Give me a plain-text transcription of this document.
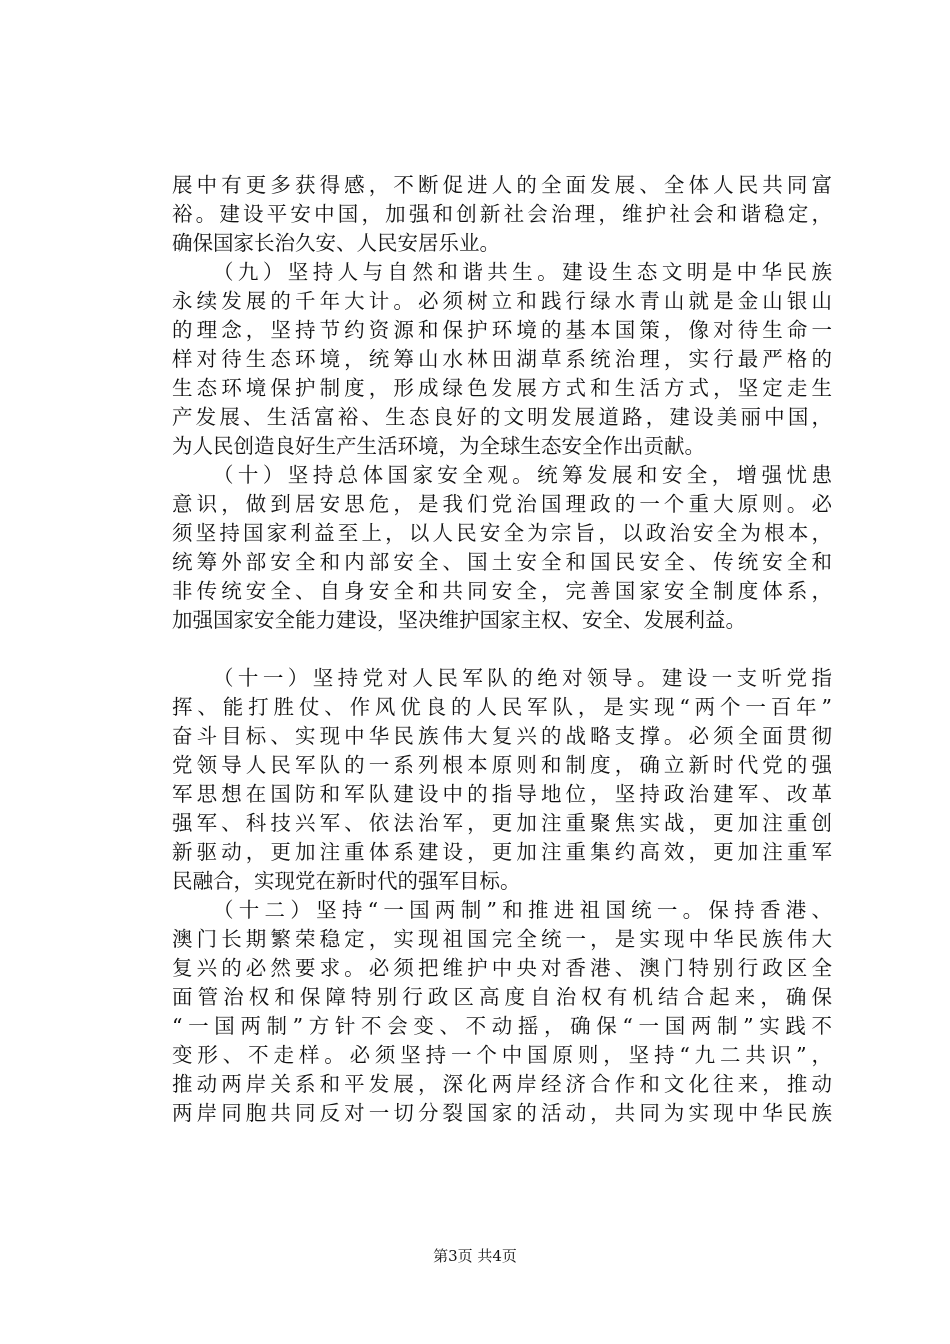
展中有更多获得感，不断促进人的全面发展、全体人民共同富
裕。建设平安中国，加强和创新社会治理，维护社会和谐稳定，
确保国家长治久安、人民安居乐业。
（九）坚持人与自然和谐共生。建设生态文明是中华民族
永续发展的千年大计。必须树立和践行绿水青山就是金山银山
的理念，坚持节约资源和保护环境的基本国策，像对待生命一
样对待生态环境，统筹山水林田湖草系统治理，实行最严格的
生态环境保护制度，形成绿色发展方式和生活方式，坚定走生
产发展、生活富裕、生态良好的文明发展道路，建设美丽中国，
为人民创造良好生产生活环境，为全球生态安全作出贡献。
（十）坚持总体国家安全观。统筹发展和安全，增强忧患
意识，做到居安思危，是我们党治国理政的一个重大原则。必
须坚持国家利益至上，以人民安全为宗旨，以政治安全为根本，
统筹外部安全和内部安全、国土安全和国民安全、传统安全和
非传统安全、自身安全和共同安全，完善国家安全制度体系，
加强国家安全能力建设，坚决维护国家主权、安全、发展利益。
（十一）坚持党对人民军队的绝对领导。建设一支听党指
挥、能打胜仗、作风优良的人民军队，是实现“两个一百年”
奋斗目标、实现中华民族伟大复兴的战略支撑。必须全面贯彻
党领导人民军队的一系列根本原则和制度，确立新时代党的强
军思想在国防和军队建设中的指导地位，坚持政治建军、改革
强军、科技兴军、依法治军，更加注重聚焦实战，更加注重创
新驱动，更加注重体系建设，更加注重集约高效，更加注重军
民融合，实现党在新时代的强军目标。
（十二）坚持“一国两制”和推进祖国统一。保持香港、
澳门长期繁荣稳定，实现祖国完全统一，是实现中华民族伟大
复兴的必然要求。必须把维护中央对香港、澳门特别行政区全
面管治权和保障特别行政区高度自治权有机结合起来，确保
“一国两制”方针不会变、不动摇，确保“一国两制”实践不
变形、不走样。必须坚持一个中国原则，坚持“九二共识”，
推动两岸关系和平发展，深化两岸经济合作和文化往来，推动
两岸同胞共同反对一切分裂国家的活动，共同为实现中华民族
第3页 共4页
